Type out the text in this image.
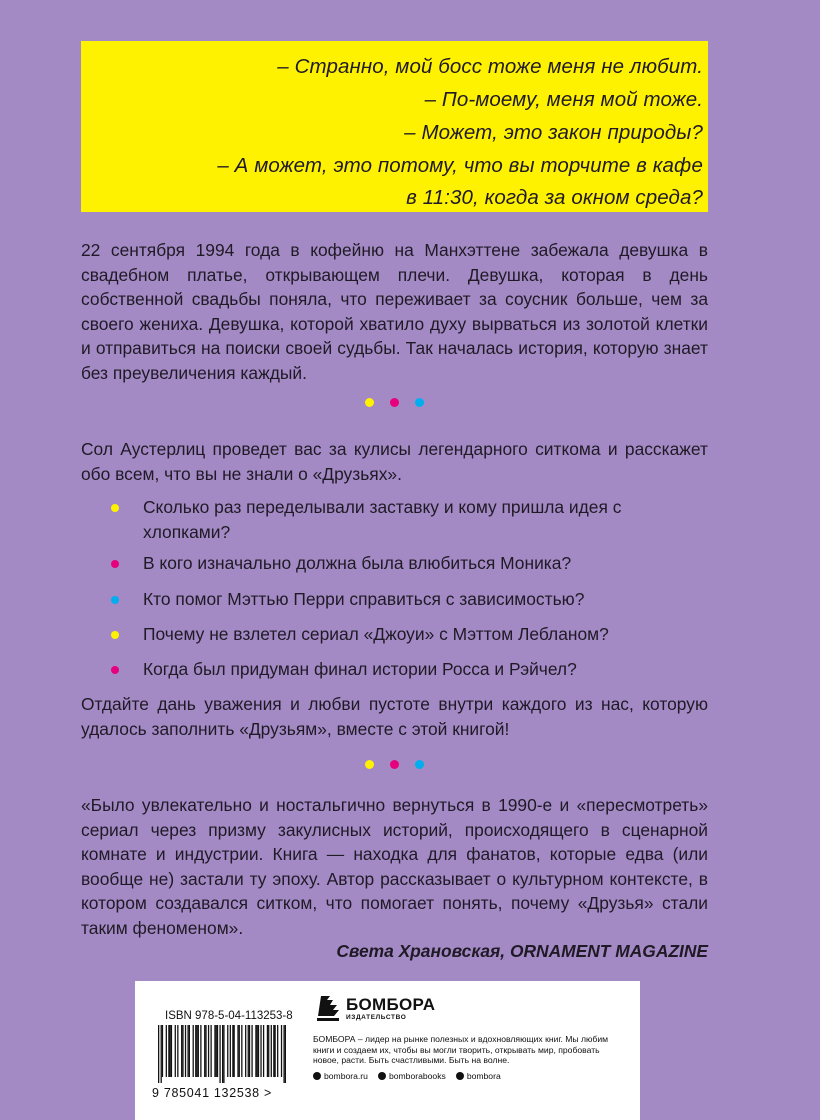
– Странно, мой босс тоже меня не любит.
– По-моему, меня мой тоже.
– Может, это закон природы?
– А может, это потому, что вы торчите в кафе
в 11:30, когда за окном среда?
22 сентября 1994 года в кофейню на Манхэттене забежала девушка в свадебном платье, открывающем плечи. Девушка, которая в день собственной свадьбы поняла, что переживает за соусник больше, чем за своего жениха. Девушка, которой хватило духу вырваться из золотой клетки и отправиться на поиски своей судьбы. Так началась история, которую знает без преувеличения каждый.
Сол Аустерлиц проведет вас за кулисы легендарного ситкома и расскажет обо всем, что вы не знали о «Друзьях».
Сколько раз переделывали заставку и кому пришла идея с хлопками?
В кого изначально должна была влюбиться Моника?
Кто помог Мэттью Перри справиться с зависимостью?
Почему не взлетел сериал «Джоуи» с Мэттом Лебланом?
Когда был придуман финал истории Росса и Рэйчел?
Отдайте дань уважения и любви пустоте внутри каждого из нас, которую удалось заполнить «Друзьям», вместе с этой книгой!
«Было увлекательно и ностальгично вернуться в 1990-е и «пересмотреть» сериал через призму закулисных историй, происходящего в сценарной комнате и индустрии. Книга — находка для фанатов, которые едва (или вообще не) застали ту эпоху. Автор рассказывает о культурном контексте, в котором создавался ситком, что помогает понять, почему «Друзья» стали таким феноменом».
Света Храновская, ORNAMENT MAGAZINE
ISBN 978-5-04-113253-8
9 785041 132538 >
БОМБОРА
ИЗДАТЕЛЬСТВО
БОМБОРА – лидер на рынке полезных и вдохновляющих книг. Мы любим книги и создаем их, чтобы вы могли творить, открывать мир, пробовать новое, расти. Быть счастливыми. Быть на волне.
bombora.ru bomborabooks bombora
